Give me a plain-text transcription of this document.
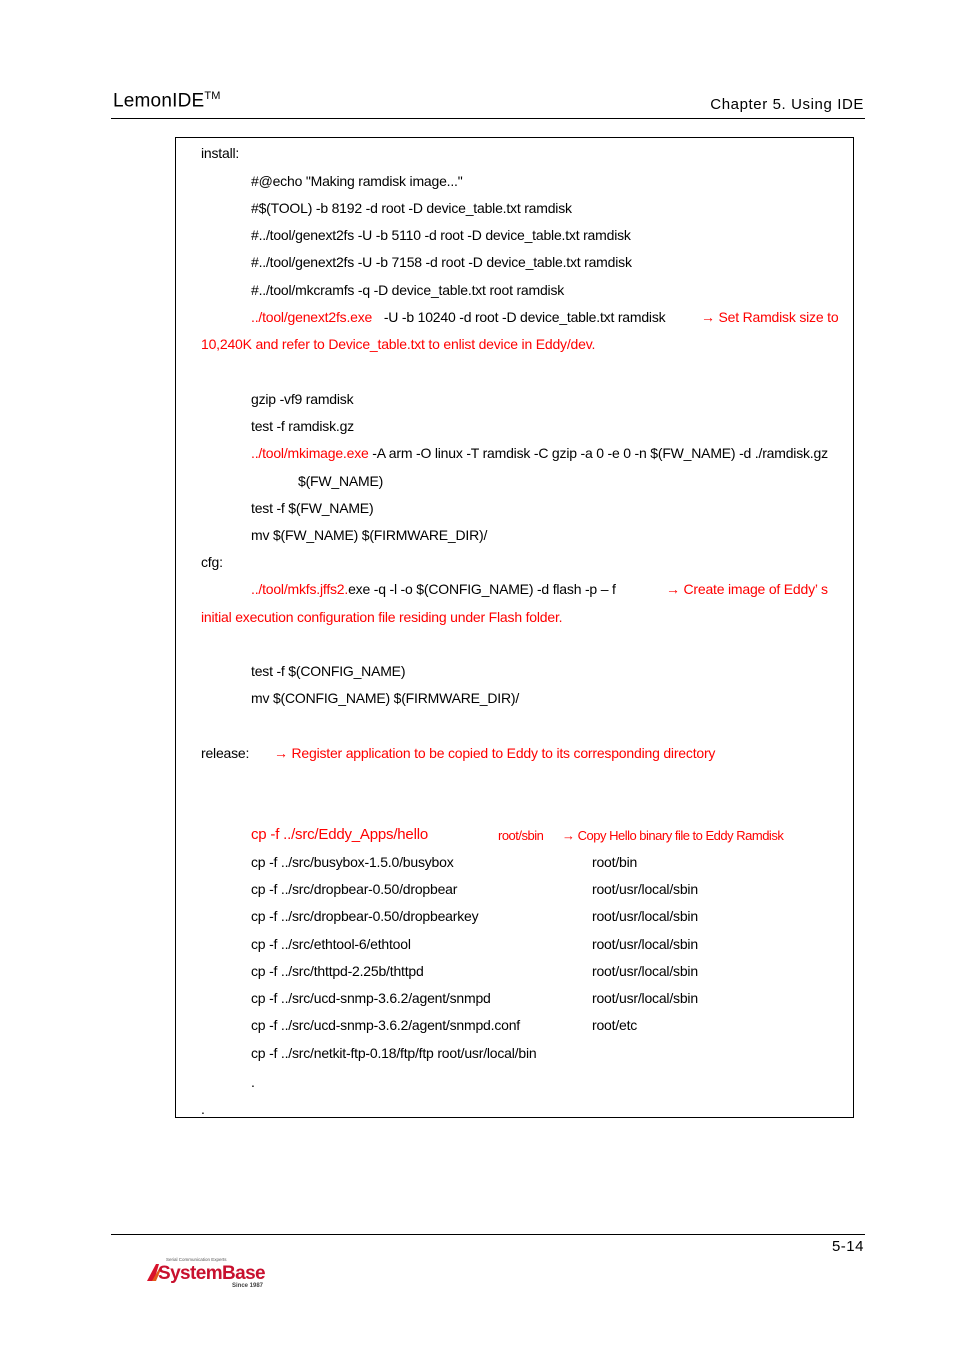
LemonIDE™	Chapter 5. Using IDE
install:
#@echo "Making ramdisk image..."
#$(TOOL) -b 8192 -d root -D device_table.txt ramdisk
#../tool/genext2fs -U -b 5110 -d root -D device_table.txt ramdisk
#../tool/genext2fs -U -b 7158 -d root -D device_table.txt ramdisk
#../tool/mkcramfs -q -D device_table.txt root ramdisk
../tool/genext2fs.exe -U -b 10240 -d root -D device_table.txt ramdisk	→ Set Ramdisk size to
10,240K and refer to Device_table.txt to enlist device in Eddy/dev.
gzip -vf9 ramdisk
test -f ramdisk.gz
../tool/mkimage.exe -A arm -O linux -T ramdisk -C gzip -a 0 -e 0 -n $(FW_NAME) -d ./ramdisk.gz
$(FW_NAME)
test -f $(FW_NAME)
mv $(FW_NAME) $(FIRMWARE_DIR)/
cfg:
../tool/mkfs.jffs2.exe -q -l -o $(CONFIG_NAME) -d flash -p – f	→ Create image of Eddy’ s
initial execution configuration file residing under Flash folder.
test -f $(CONFIG_NAME)
mv $(CONFIG_NAME) $(FIRMWARE_DIR)/
release: → Register application to be copied to Eddy to its corresponding directory
cp -f ../src/Eddy_Apps/hello	root/sbin → Copy Hello binary file to Eddy Ramdisk
cp -f ../src/busybox-1.5.0/busybox	root/bin
cp -f ../src/dropbear-0.50/dropbear	root/usr/local/sbin
cp -f ../src/dropbear-0.50/dropbearkey	root/usr/local/sbin
cp -f ../src/ethtool-6/ethtool	root/usr/local/sbin
cp -f ../src/thttpd-2.25b/thttpd	root/usr/local/sbin
cp -f ../src/ucd-snmp-3.6.2/agent/snmpd	root/usr/local/sbin
cp -f ../src/ucd-snmp-3.6.2/agent/snmpd.conf	root/etc
cp -f ../src/netkit-ftp-0.18/ftp/ftp root/usr/local/bin
.
.
5-14
Serial Communication Experts
SystemBase
Since 1987
